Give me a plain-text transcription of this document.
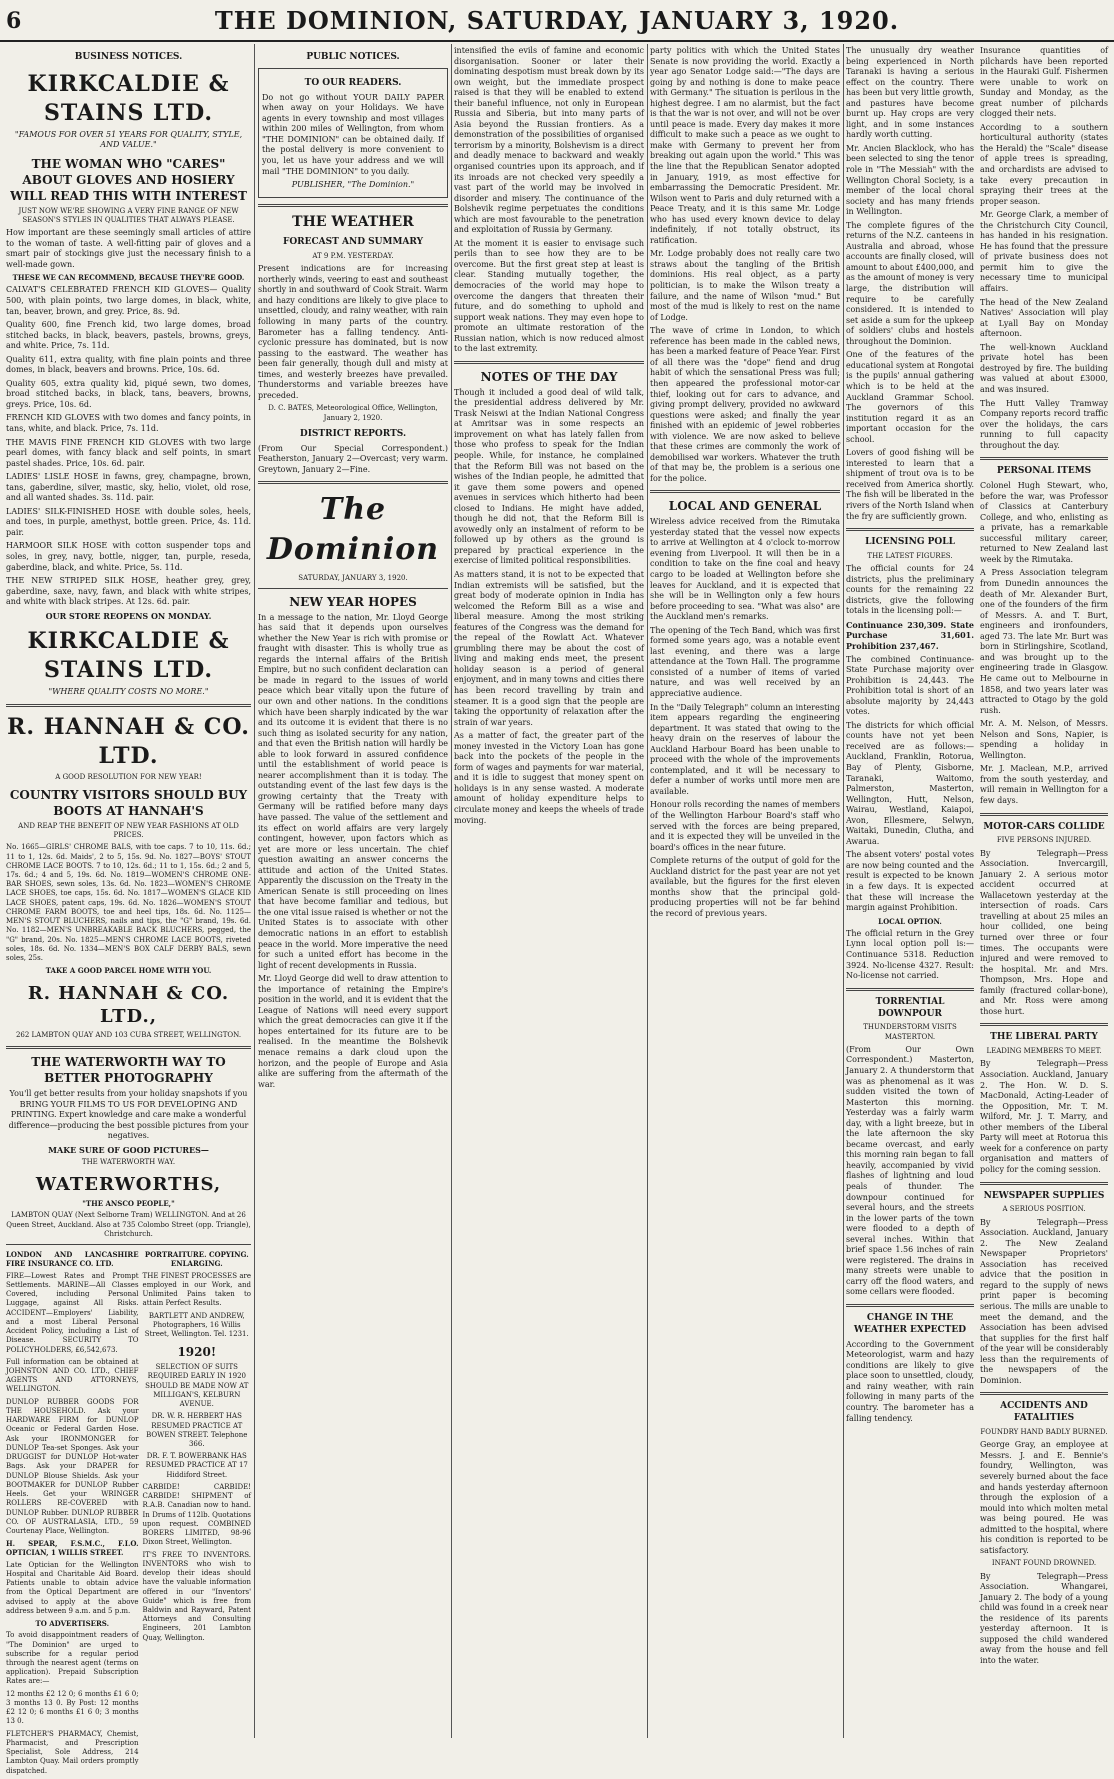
6	THE DOMINION, SATURDAY, JANUARY 3, 1920.
BUSINESS NOTICES.
KIRKCALDIE & STAINS LTD.
"FAMOUS FOR OVER 51 YEARS FOR QUALITY, STYLE, AND VALUE."
THE WOMAN WHO "CARES" ABOUT GLOVES AND HOSIERY WILL READ THIS WITH INTEREST

JUST NOW WE'RE SHOWING A VERY FINE RANGE OF NEW SEASON'S STYLES IN QUALITIES THAT ALWAYS PLEASE.

How important are these seemingly small articles of attire to the woman of taste. A well-fitting pair of gloves and a smart pair of stockings give just the necessary finish to a well-made gown.

THESE WE CAN RECOMMEND, BECAUSE THEY'RE GOOD.

CALVAT'S CELEBRATED FRENCH KID GLOVES— Quality 500, with plain points, two large domes, in black, white, tan, beaver, brown, and grey. Price, 8s. 9d.

Quality 600, fine French kid, two large domes, broad stitched backs, in black, beavers, pastels, browns, greys, and white. Price, 7s. 11d.

Quality 611, extra quality, with fine plain points and three domes, in black, beavers and browns. Price, 10s. 6d.

Quality 605, extra quality kid, piqué sewn, two domes, broad stitched backs, in black, tans, beavers, browns, greys. Price, 10s. 6d.

FRENCH KID GLOVES with two domes and fancy points, in tans, white, and black. Price, 7s. 11d.

THE MAVIS FINE FRENCH KID GLOVES with two large pearl domes, with fancy black and self points, in smart pastel shades. Price, 10s. 6d. pair.

LADIES' LISLE HOSE in fawns, grey, champagne, brown, tans, gaberdine, silver, mastic, sky, helio, violet, old rose, and all wanted shades. 3s. 11d. pair.

LADIES' SILK-FINISHED HOSE with double soles, heels, and toes, in purple, amethyst, bottle green. Price, 4s. 11d. pair.

HARMOOR SILK HOSE with cotton suspender tops and soles, in grey, navy, bottle, nigger, tan, purple, reseda, gaberdine, black, and white. Price, 5s. 11d.

THE NEW STRIPED SILK HOSE, heather grey, grey, gaberdine, saxe, navy, fawn, and black with white stripes, and white with black stripes. At 12s. 6d. pair.

OUR STORE REOPENS ON MONDAY.

KIRKCALDIE & STAINS LTD.
"WHERE QUALITY COSTS NO MORE."
R. HANNAH & CO. LTD.

A GOOD RESOLUTION FOR NEW YEAR!

COUNTRY VISITORS SHOULD BUY BOOTS AT HANNAH'S

AND REAP THE BENEFIT OF NEW YEAR FASHIONS AT OLD PRICES.

No. 1665—GIRLS' CHROME BALS, with toe caps. 7 to 10, 11s. 6d.; 11 to 1, 12s. 6d. Maids', 2 to 5, 15s. 9d. No. 1827—BOYS' STOUT CHROME LACE BOOTS. 7 to 10, 12s. 6d.; 11 to 1, 15s. 6d.; 2 and 5, 17s. 6d.; 4 and 5, 19s. 6d. No. 1819—WOMEN'S CHROME ONE-BAR SHOES, sewn soles, 13s. 6d. No. 1823—WOMEN'S CHROME LACE SHOES, toe caps, 15s. 6d. No. 1817—WOMEN'S GLACE KID LACE SHOES, patent caps, 19s. 6d. No. 1826—WOMEN'S STOUT CHROME FARM BOOTS, toe and heel tips, 18s. 6d. No. 1125—MEN'S STOUT BLUCHERS, nails and tips, the "G" brand, 19s. 6d. No. 1182—MEN'S UNBREAKABLE BACK BLUCHERS, pegged, the "G" brand, 20s. No. 1825—MEN'S CHROME LACE BOOTS, riveted soles, 18s. 6d. No. 1334—MEN'S BOX CALF DERBY BALS, sewn soles, 25s.

TAKE A GOOD PARCEL HOME WITH YOU.

R. HANNAH & CO. LTD.,

262 LAMBTON QUAY AND 103 CUBA STREET, WELLINGTON.

THE WATERWORTH WAY TO BETTER PHOTOGRAPHY

You'll get better results from your holiday snapshots if you BRING YOUR FILMS TO US FOR DEVELOPING AND PRINTING. Expert knowledge and care make a wonderful difference—producing the best possible pictures from your negatives.

MAKE SURE OF GOOD PICTURES—

THE WATERWORTH WAY.

WATERWORTHS,

"THE ANSCO PEOPLE,"

LAMBTON QUAY (Next Selborne Tram) WELLINGTON. And at 26 Queen Street, Auckland. Also at 735 Colombo Street (opp. Triangle), Christchurch.

LONDON AND LANCASHIRE FIRE INSURANCE CO. LTD.

FIRE—Lowest Rates and Prompt Settlements. MARINE—All Classes Covered, including Personal Luggage, against All Risks. ACCIDENT—Employers' Liability, and a most Liberal Personal Accident Policy, including a List of Disease. SECURITY TO POLICYHOLDERS, £6,542,673.

Full information can be obtained at JOHNSTON AND CO. LTD., CHIEF AGENTS AND ATTORNEYS, WELLINGTON.

DUNLOP RUBBER GOODS FOR THE HOUSEHOLD. Ask your HARDWARE FIRM for DUNLOP Oceanic or Federal Garden Hose. Ask your IRONMONGER for DUNLOP Tea-set Sponges. Ask your DRUGGIST for DUNLOP Hot-water Bags. Ask your DRAPER for DUNLOP Blouse Shields. Ask your BOOTMAKER for DUNLOP Rubber Heels. Get your WRINGER ROLLERS RE-COVERED with DUNLOP Rubber. DUNLOP RUBBER CO. OF AUSTRALASIA, LTD., 59 Courtenay Place, Wellington.

H. SPEAR, F.S.M.C., F.I.O. OPTICIAN, 1 WILLIS STREET.

Late Optician for the Wellington Hospital and Charitable Aid Board. Patients unable to obtain advice from the Optical Department are advised to apply at the above address between 9 a.m. and 5 p.m.

TO ADVERTISERS.

To avoid disappointment readers of "The Dominion" are urged to subscribe for a regular period through the nearest agent (terms on application). Prepaid Subscription Rates are:—

12 months £2 12 0; 6 months £1 6 0; 3 months 13 0. By Post: 12 months £2 12 0; 6 months £1 6 0; 3 months 13 0.

FLETCHER'S PHARMACY, Chemist, Pharmacist, and Prescription Specialist, Sole Address, 214 Lambton Quay. Mail orders promptly dispatched.

PORTRAITURE. COPYING. ENLARGING.

THE FINEST PROCESSES are employed in our Work, and Unlimited Pains taken to attain Perfect Results.

BARTLETT AND ANDREW, Photographers, 16 Willis Street, Wellington. Tel. 1231.

1920!

SELECTION OF SUITS REQUIRED EARLY IN 1920 SHOULD BE MADE NOW AT MILLIGAN'S, KELBURN AVENUE.

DR. W. R. HERBERT HAS RESUMED PRACTICE AT BOWEN STREET. Telephone 366.

DR. F. T. BOWERBANK HAS RESUMED PRACTICE AT 17 Hiddiford Street.

CARBIDE! CARBIDE! CARBIDE! SHIPMENT of R.A.B. Canadian now to hand. In Drums of 112lb. Quotations upon request. COMBINED BORERS LIMITED, 98-96 Dixon Street, Wellington.

IT'S FREE TO INVENTORS. INVENTORS who wish to develop their ideas should have the valuable information offered in our "Inventors' Guide" which is free from Baldwin and Rayward, Patent Attorneys and Consulting Engineers, 201 Lambton Quay, Wellington.

PUBLIC NOTICES.
TO OUR READERS.

Do not go without YOUR DAILY PAPER when away on your Holidays. We have agents in every township and most villages within 200 miles of Wellington, from whom "THE DOMINION" can be obtained daily. If the postal delivery is more convenient to you, let us have your address and we will mail "THE DOMINION" to you daily.

PUBLISHER, "The Dominion."

THE WEATHER
FORECAST AND SUMMARY

AT 9 P.M. YESTERDAY.

Present indications are for increasing northerly winds, veering to east and southeast shortly in and southward of Cook Strait. Warm and hazy conditions are likely to give place to unsettled, cloudy, and rainy weather, with rain following in many parts of the country. Barometer has a falling tendency. Anti-cyclonic pressure has dominated, but is now passing to the eastward. The weather has been fair generally, though dull and misty at times, and westerly breezes have prevailed. Thunderstorms and variable breezes have preceded.

D. C. BATES, Meteorological Office, Wellington, January 2, 1920.

DISTRICT REPORTS.

(From Our Special Correspondent.) Featherston, January 2—Overcast; very warm. Greytown, January 2—Fine.

The Dominion

SATURDAY, JANUARY 3, 1920.

NEW YEAR HOPES

In a message to the nation, Mr. Lloyd George has said that it depends upon ourselves whether the New Year is rich with promise or fraught with disaster. This is wholly true as regards the internal affairs of the British Empire, but no such confident declaration can be made in regard to the issues of world peace which bear vitally upon the future of our own and other nations. In the conditions which have been sharply indicated by the war and its outcome it is evident that there is no such thing as isolated security for any nation, and that even the British nation will hardly be able to look forward in assured confidence until the establishment of world peace is nearer accomplishment than it is today. The outstanding event of the last few days is the growing certainty that the Treaty with Germany will be ratified before many days have passed. The value of the settlement and its effect on world affairs are very largely contingent, however, upon factors which as yet are more or less uncertain. The chief question awaiting an answer concerns the attitude and action of the United States. Apparently the discussion on the Treaty in the American Senate is still proceeding on lines that have become familiar and tedious, but the one vital issue raised is whether or not the United States is to associate with other democratic nations in an effort to establish peace in the world. More imperative the need for such a united effort has become in the light of recent developments in Russia.

Mr. Lloyd George did well to draw attention to the importance of retaining the Empire's position in the world, and it is evident that the League of Nations will need every support which the great democracies can give it if the hopes entertained for its future are to be realised. In the meantime the Bolshevik menace remains a dark cloud upon the horizon, and the people of Europe and Asia alike are suffering from the aftermath of the war.

intensified the evils of famine and economic disorganisation. Sooner or later their dominating despotism must break down by its own weight, but the immediate prospect raised is that they will be enabled to extend their baneful influence, not only in European Russia and Siberia, but into many parts of Asia beyond the Russian frontiers. As a demonstration of the possibilities of organised terrorism by a minority, Bolshevism is a direct and deadly menace to backward and weakly organised countries upon its approach, and if its inroads are not checked very speedily a vast part of the world may be involved in disorder and misery. The continuance of the Bolshevik regime perpetuates the conditions which are most favourable to the penetration and exploitation of Russia by Germany.

At the moment it is easier to envisage such perils than to see how they are to be overcome. But the first great step at least is clear. Standing mutually together, the democracies of the world may hope to overcome the dangers that threaten their future, and do something to uphold and support weak nations. They may even hope to promote an ultimate restoration of the Russian nation, which is now reduced almost to the last extremity.

NOTES OF THE DAY

Though it included a good deal of wild talk, the presidential address delivered by Mr. Trask Neiswi at the Indian National Congress at Amritsar was in some respects an improvement on what has lately fallen from those who profess to speak for the Indian people. While, for instance, he complained that the Reform Bill was not based on the wishes of the Indian people, he admitted that it gave them some powers and opened avenues in services which hitherto had been closed to Indians. He might have added, though he did not, that the Reform Bill is avowedly only an instalment of reform to be followed up by others as the ground is prepared by practical experience in the exercise of limited political responsibilities.

As matters stand, it is not to be expected that Indian extremists will be satisfied, but the great body of moderate opinion in India has welcomed the Reform Bill as a wise and liberal measure. Among the most striking features of the Congress was the demand for the repeal of the Rowlatt Act. Whatever grumbling there may be about the cost of living and making ends meet, the present holiday season is a period of general enjoyment, and in many towns and cities there has been record travelling by train and steamer. It is a good sign that the people are taking the opportunity of relaxation after the strain of war years.

As a matter of fact, the greater part of the money invested in the Victory Loan has gone back into the pockets of the people in the form of wages and payments for war material, and it is idle to suggest that money spent on holidays is in any sense wasted. A moderate amount of holiday expenditure helps to circulate money and keeps the wheels of trade moving.

party politics with which the United States Senate is now providing the world. Exactly a year ago Senator Lodge said:—"The days are going by and nothing is done to make peace with Germany." The situation is perilous in the highest degree. I am no alarmist, but the fact is that the war is not over, and will not be over until peace is made. Every day makes it more difficult to make such a peace as we ought to make with Germany to prevent her from breaking out again upon the world." This was the line that the Republican Senator adopted in January, 1919, as most effective for embarrassing the Democratic President. Mr. Wilson went to Paris and duly returned with a Peace Treaty, and it is this same Mr. Lodge who has used every known device to delay indefinitely, if not totally obstruct, its ratification.

Mr. Lodge probably does not really care two straws about the tangling of the British dominions. His real object, as a party politician, is to make the Wilson treaty a failure, and the name of Wilson "mud." But most of the mud is likely to rest on the name of Lodge.

The wave of crime in London, to which reference has been made in the cabled news, has been a marked feature of Peace Year. First of all there was the "dope" fiend and drug habit of which the sensational Press was full; then appeared the professional motor-car thief, looking out for cars to advance, and giving prompt delivery, provided no awkward questions were asked; and finally the year finished with an epidemic of jewel robberies with violence. We are now asked to believe that these crimes are commonly the work of demobilised war workers. Whatever the truth of that may be, the problem is a serious one for the police.

LOCAL AND GENERAL

Wireless advice received from the Rimutaka yesterday stated that the vessel now expects to arrive at Wellington at 4 o'clock to-morrow evening from Liverpool. It will then be in a condition to take on the fine coal and heavy cargo to be loaded at Wellington before she leaves for Auckland, and it is expected that she will be in Wellington only a few hours before proceeding to sea. "What was also" are the Auckland men's remarks.

The opening of the Tech Band, which was first formed some years ago, was a notable event last evening, and there was a large attendance at the Town Hall. The programme consisted of a number of items of varied nature, and was well received by an appreciative audience.

In the "Daily Telegraph" column an interesting item appears regarding the engineering department. It was stated that owing to the heavy drain on the reserves of labour the Auckland Harbour Board has been unable to proceed with the whole of the improvements contemplated, and it will be necessary to defer a number of works until more men are available.

Honour rolls recording the names of members of the Wellington Harbour Board's staff who served with the forces are being prepared, and it is expected they will be unveiled in the board's offices in the near future.

Complete returns of the output of gold for the Auckland district for the past year are not yet available, but the figures for the first eleven months show that the principal gold-producing properties will not be far behind the record of previous years.

The unusually dry weather being experienced in North Taranaki is having a serious effect on the country. There has been but very little growth, and pastures have become burnt up. Hay crops are very light, and in some instances hardly worth cutting.

Mr. Ancien Blacklock, who has been selected to sing the tenor role in "The Messiah" with the Wellington Choral Society, is a member of the local choral society and has many friends in Wellington.

The complete figures of the returns of the N.Z. canteens in Australia and abroad, whose accounts are finally closed, will amount to about £400,000, and as the amount of money is very large, the distribution will require to be carefully considered. It is intended to set aside a sum for the upkeep of soldiers' clubs and hostels throughout the Dominion.

One of the features of the educational system at Rongotai is the pupils' annual gathering which is to be held at the Auckland Grammar School. The governors of this institution regard it as an important occasion for the school.

Lovers of good fishing will be interested to learn that a shipment of trout ova is to be received from America shortly. The fish will be liberated in the rivers of the North Island when the fry are sufficiently grown.

LICENSING POLL

THE LATEST FIGURES.

The official counts for 24 districts, plus the preliminary counts for the remaining 22 districts, give the following totals in the licensing poll:—

Continuance 230,309. State Purchase 31,601. Prohibition 237,467.

The combined Continuance-State Purchase majority over Prohibition is 24,443. The Prohibition total is short of an absolute majority by 24,443 votes.

The districts for which official counts have not yet been received are as follows:—Auckland, Franklin, Rotorua, Bay of Plenty, Gisborne, Taranaki, Waitomo, Palmerston, Masterton, Wellington, Hutt, Nelson, Wairau, Westland, Kaiapoi, Avon, Ellesmere, Selwyn, Waitaki, Dunedin, Clutha, and Awarua.

The absent voters' postal votes are now being counted and the result is expected to be known in a few days. It is expected that these will increase the margin against Prohibition.

LOCAL OPTION.

The official return in the Grey Lynn local option poll is:— Continuance 5318. Reduction 3924. No-license 4327. Result: No-license not carried.

TORRENTIAL DOWNPOUR

THUNDERSTORM VISITS MASTERTON.

(From Our Own Correspondent.) Masterton, January 2. A thunderstorm that was as phenomenal as it was sudden visited the town of Masterton this morning. Yesterday was a fairly warm day, with a light breeze, but in the late afternoon the sky became overcast, and early this morning rain began to fall heavily, accompanied by vivid flashes of lightning and loud peals of thunder. The downpour continued for several hours, and the streets in the lower parts of the town were flooded to a depth of several inches. Within that brief space 1.56 inches of rain were registered. The drains in many streets were unable to carry off the flood waters, and some cellars were flooded.

CHANGE IN THE WEATHER EXPECTED

According to the Government Meteorologist, warm and hazy conditions are likely to give place soon to unsettled, cloudy, and rainy weather, with rain following in many parts of the country. The barometer has a falling tendency.

Insurance quantities of pilchards have been reported in the Hauraki Gulf. Fishermen were unable to work on Sunday and Monday, as the great number of pilchards clogged their nets.

According to a southern horticultural authority (states the Herald) the "Scale" disease of apple trees is spreading, and orchardists are advised to take every precaution in spraying their trees at the proper season.

Mr. George Clark, a member of the Christchurch City Council, has handed in his resignation. He has found that the pressure of private business does not permit him to give the necessary time to municipal affairs.

The head of the New Zealand Natives' Association will play at Lyall Bay on Monday afternoon.

The well-known Auckland private hotel has been destroyed by fire. The building was valued at about £3000, and was insured.

The Hutt Valley Tramway Company reports record traffic over the holidays, the cars running to full capacity throughout the day.

PERSONAL ITEMS

Colonel Hugh Stewart, who, before the war, was Professor of Classics at Canterbury College, and who, enlisting as a private, has a remarkable successful military career, returned to New Zealand last week by the Rimutaka.

A Press Association telegram from Dunedin announces the death of Mr. Alexander Burt, one of the founders of the firm of Messrs. A. and T. Burt, engineers and ironfounders, aged 73. The late Mr. Burt was born in Stirlingshire, Scotland, and was brought up to the engineering trade in Glasgow. He came out to Melbourne in 1858, and two years later was attracted to Otago by the gold rush.

Mr. A. M. Nelson, of Messrs. Nelson and Sons, Napier, is spending a holiday in Wellington.

Mr. J. Maclean, M.P., arrived from the south yesterday, and will remain in Wellington for a few days.

MOTOR-CARS COLLIDE

FIVE PERSONS INJURED.

By Telegraph—Press Association. Invercargill, January 2. A serious motor accident occurred at Wallacetown yesterday at the intersection of roads. Cars travelling at about 25 miles an hour collided, one being turned over three or four times. The occupants were injured and were removed to the hospital. Mr. and Mrs. Thompson, Mrs. Hope and family (fractured collar-bone), and Mr. Ross were among those hurt.

THE LIBERAL PARTY

LEADING MEMBERS TO MEET.

By Telegraph—Press Association. Auckland, January 2. The Hon. W. D. S. MacDonald, Acting-Leader of the Opposition, Mr. T. M. Wilford, Mr. J. T. Marry, and other members of the Liberal Party will meet at Rotorua this week for a conference on party organisation and matters of policy for the coming session.

NEWSPAPER SUPPLIES

A SERIOUS POSITION.

By Telegraph—Press Association. Auckland, January 2. The New Zealand Newspaper Proprietors' Association has received advice that the position in regard to the supply of news print paper is becoming serious. The mills are unable to meet the demand, and the Association has been advised that supplies for the first half of the year will be considerably less than the requirements of the newspapers of the Dominion.

ACCIDENTS AND FATALITIES

FOUNDRY HAND BADLY BURNED.

George Gray, an employee at Messrs. J. and E. Bennie's foundry, Wellington, was severely burned about the face and hands yesterday afternoon through the explosion of a mould into which molten metal was being poured. He was admitted to the hospital, where his condition is reported to be satisfactory.

INFANT FOUND DROWNED.

By Telegraph—Press Association. Whangarei, January 2. The body of a young child was found in a creek near the residence of its parents yesterday afternoon. It is supposed the child wandered away from the house and fell into the water.
